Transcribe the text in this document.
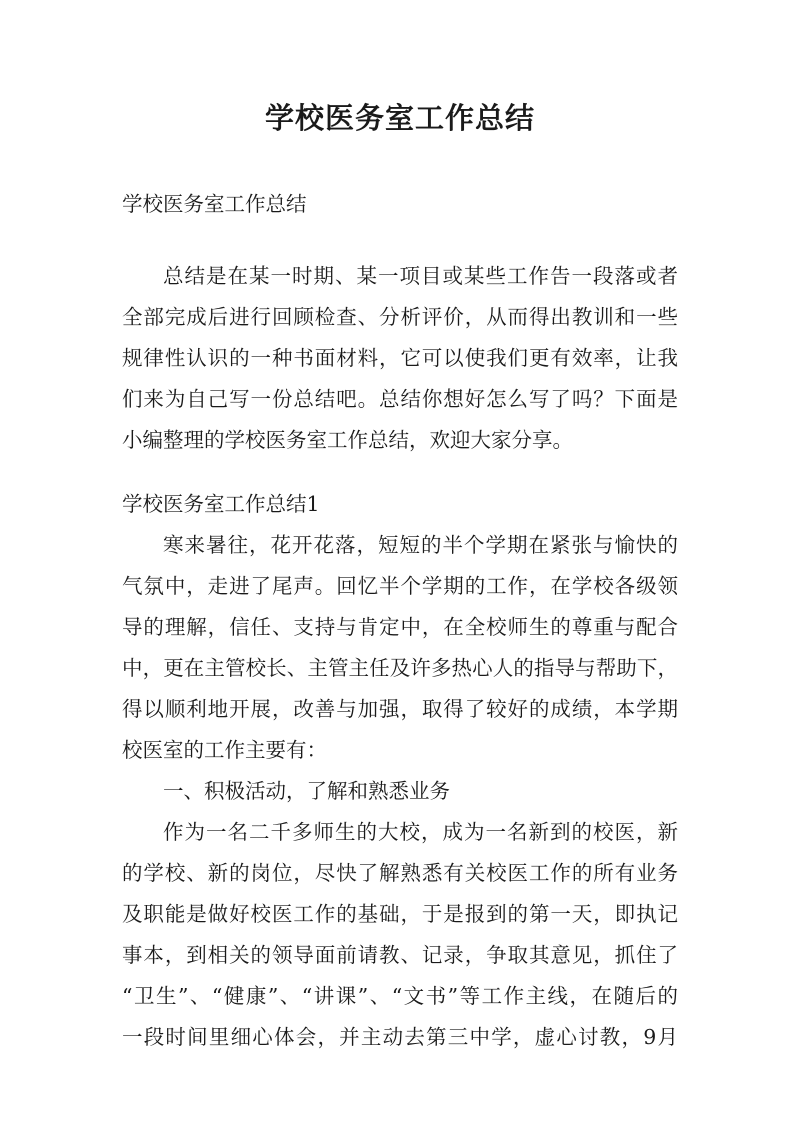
学校医务室工作总结

学校医务室工作总结

总结是在某一时期、某一项目或某些工作告一段落或者

全部完成后进行回顾检查、分析评价，从而得出教训和一些

规律性认识的一种书面材料，它可以使我们更有效率，让我

们来为自己写一份总结吧。总结你想好怎么写了吗？下面是

小编整理的学校医务室工作总结，欢迎大家分享。

学校医务室工作总结1

寒来暑往，花开花落，短短的半个学期在紧张与愉快的

气氛中，走进了尾声。回忆半个学期的工作，在学校各级领

导的理解，信任、支持与肯定中，在全校师生的尊重与配合

中，更在主管校长、主管主任及许多热心人的指导与帮助下，

得以顺利地开展，改善与加强，取得了较好的成绩，本学期

校医室的工作主要有：

一、积极活动，了解和熟悉业务

作为一名二千多师生的大校，成为一名新到的校医，新

的学校、新的岗位，尽快了解熟悉有关校医工作的所有业务

及职能是做好校医工作的基础，于是报到的第一天，即执记

事本，到相关的领导面前请教、记录，争取其意见，抓住了

“卫生”、“健康”、“讲课”、“文书”等工作主线，在随后的

一段时间里细心体会，并主动去第三中学，虚心讨教，9月
